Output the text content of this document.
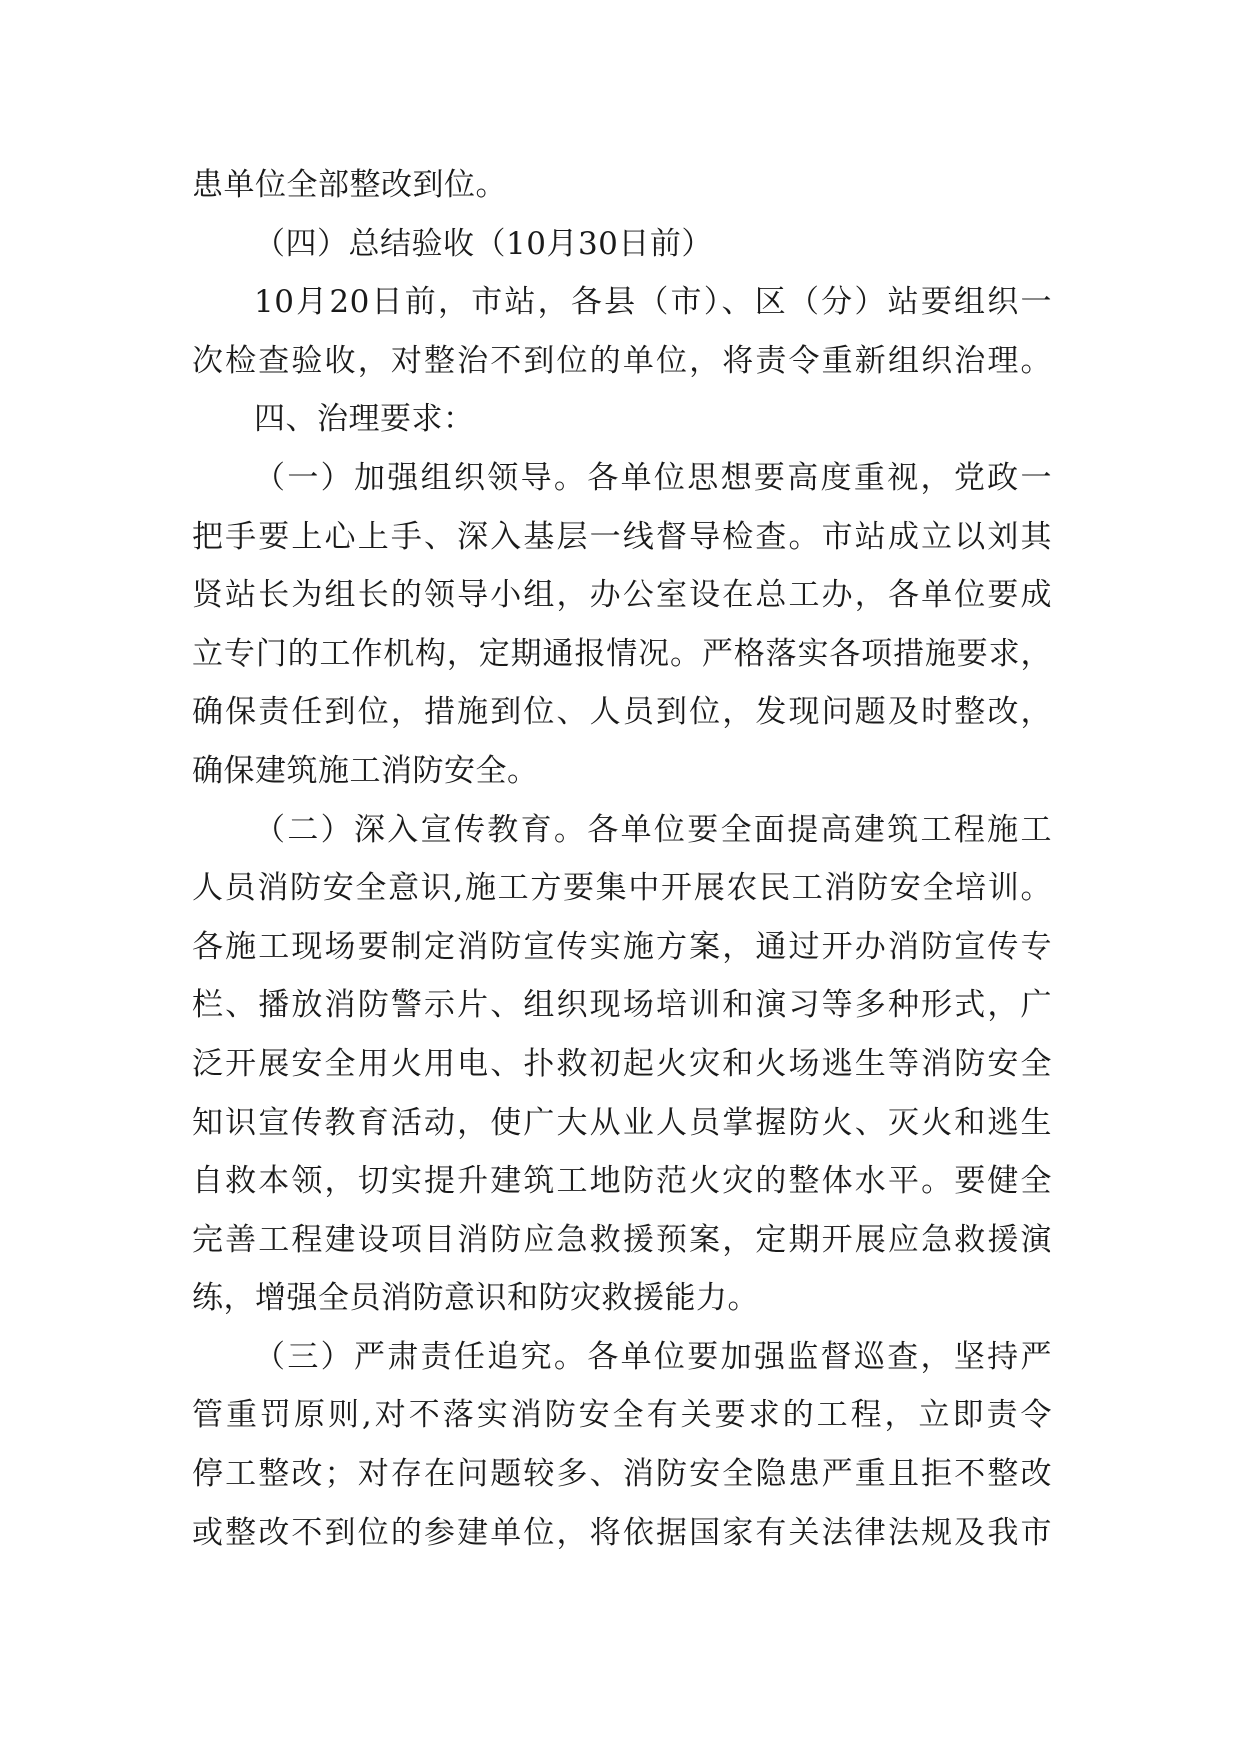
患单位全部整改到位。
（四）总结验收（10月30日前）
10月20日前，市站，各县（市）、区（分）站要组织一
次检查验收，对整治不到位的单位，将责令重新组织治理。
四、治理要求：
（一）加强组织领导。各单位思想要高度重视，党政一
把手要上心上手、深入基层一线督导检查。市站成立以刘其
贤站长为组长的领导小组，办公室设在总工办，各单位要成
立专门的工作机构，定期通报情况。严格落实各项措施要求，
确保责任到位，措施到位、人员到位，发现问题及时整改，
确保建筑施工消防安全。
（二）深入宣传教育。各单位要全面提高建筑工程施工
人员消防安全意识,施工方要集中开展农民工消防安全培训。
各施工现场要制定消防宣传实施方案，通过开办消防宣传专
栏、播放消防警示片、组织现场培训和演习等多种形式，广
泛开展安全用火用电、扑救初起火灾和火场逃生等消防安全
知识宣传教育活动，使广大从业人员掌握防火、灭火和逃生
自救本领，切实提升建筑工地防范火灾的整体水平。要健全
完善工程建设项目消防应急救援预案，定期开展应急救援演
练，增强全员消防意识和防灾救援能力。
（三）严肃责任追究。各单位要加强监督巡查，坚持严
管重罚原则,对不落实消防安全有关要求的工程，立即责令
停工整改；对存在问题较多、消防安全隐患严重且拒不整改
或整改不到位的参建单位，将依据国家有关法律法规及我市
